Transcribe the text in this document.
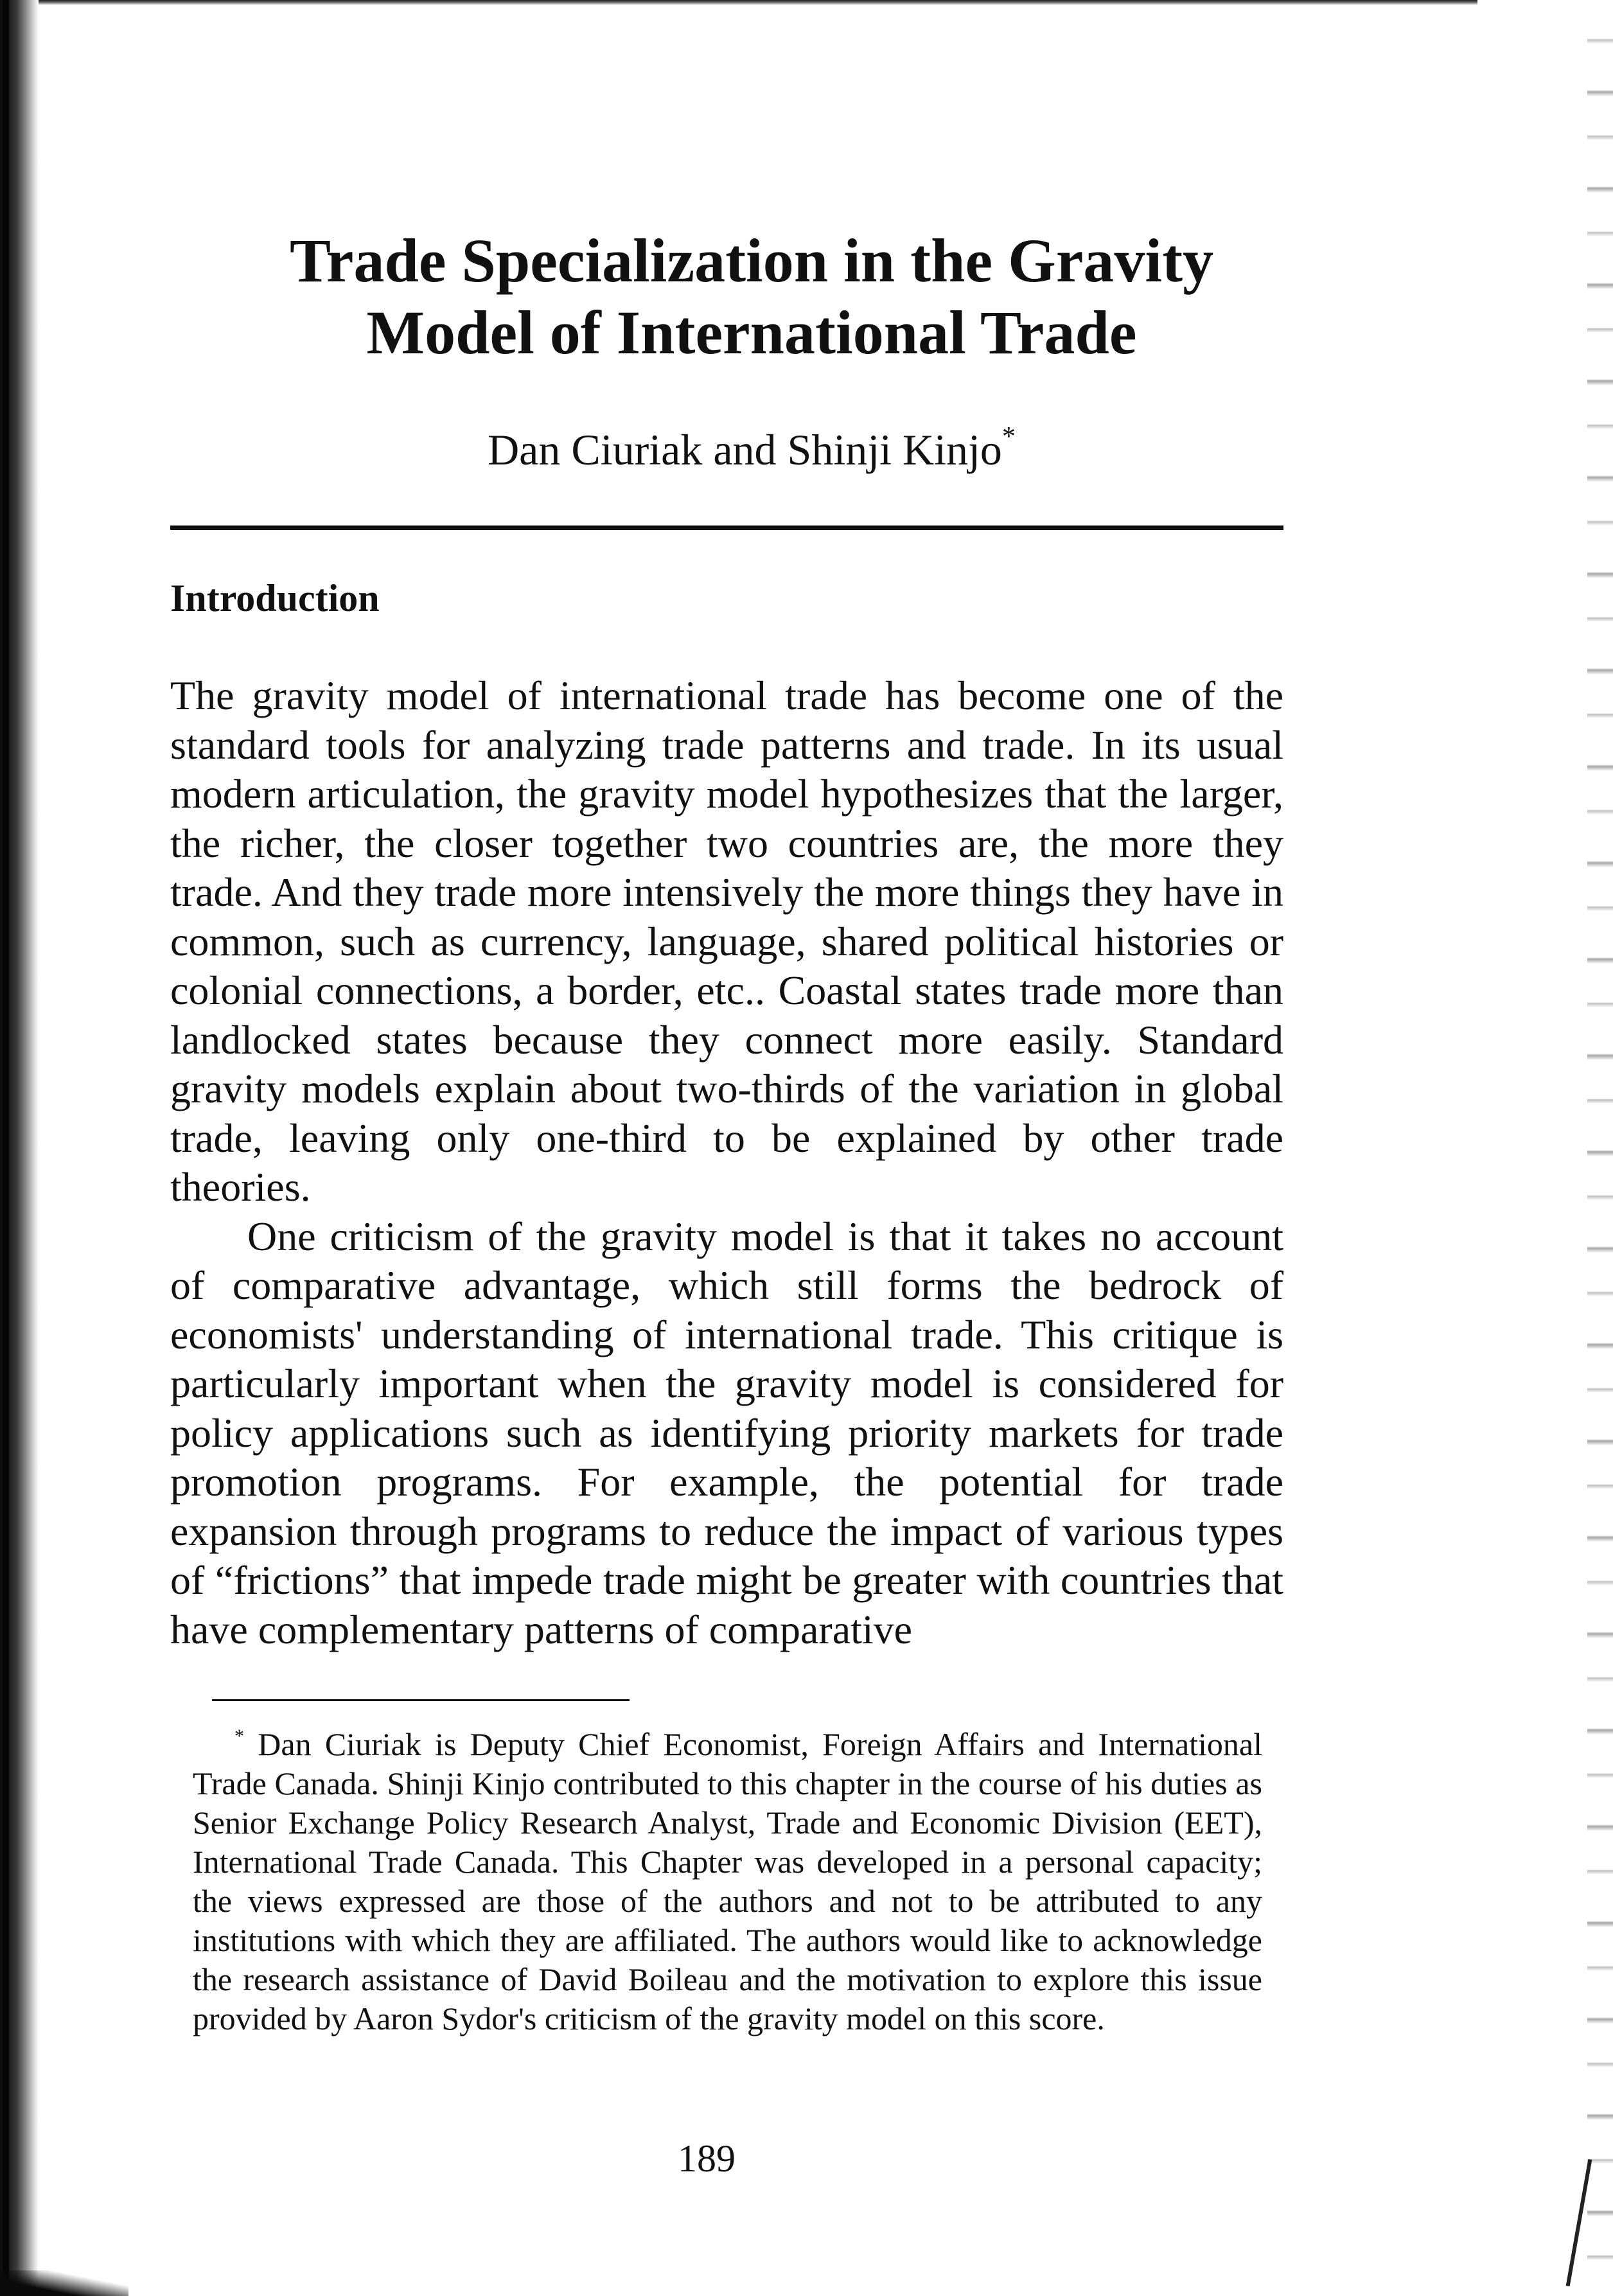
Trade Specialization in the Gravity Model of International Trade
Dan Ciuriak and Shinji Kinjo*
Introduction

The gravity model of international trade has become one of the standard tools for analyzing trade patterns and trade. In its usual modern articulation, the gravity model hypothesizes that the larger, the richer, the closer together two countries are, the more they trade. And they trade more intensively the more things they have in common, such as currency, language, shared political histories or colonial connections, a border, etc.. Coastal states trade more than landlocked states because they connect more easily. Standard gravity models explain about two-thirds of the variation in global trade, leaving only one-third to be explained by other trade theories.

One criticism of the gravity model is that it takes no account of comparative advantage, which still forms the bedrock of economists' understanding of international trade. This critique is particularly important when the gravity model is considered for policy applications such as identifying priority markets for trade promotion programs. For example, the potential for trade expansion through programs to reduce the impact of various types of “frictions” that impede trade might be greater with countries that have complementary patterns of comparative

* Dan Ciuriak is Deputy Chief Economist, Foreign Affairs and International Trade Canada. Shinji Kinjo contributed to this chapter in the course of his duties as Senior Exchange Policy Research Analyst, Trade and Economic Division (EET), International Trade Canada. This Chapter was developed in a personal capacity; the views expressed are those of the authors and not to be attributed to any institutions with which they are affiliated. The authors would like to acknowledge the research assistance of David Boileau and the motivation to explore this issue provided by Aaron Sydor's criticism of the gravity model on this score.

189
